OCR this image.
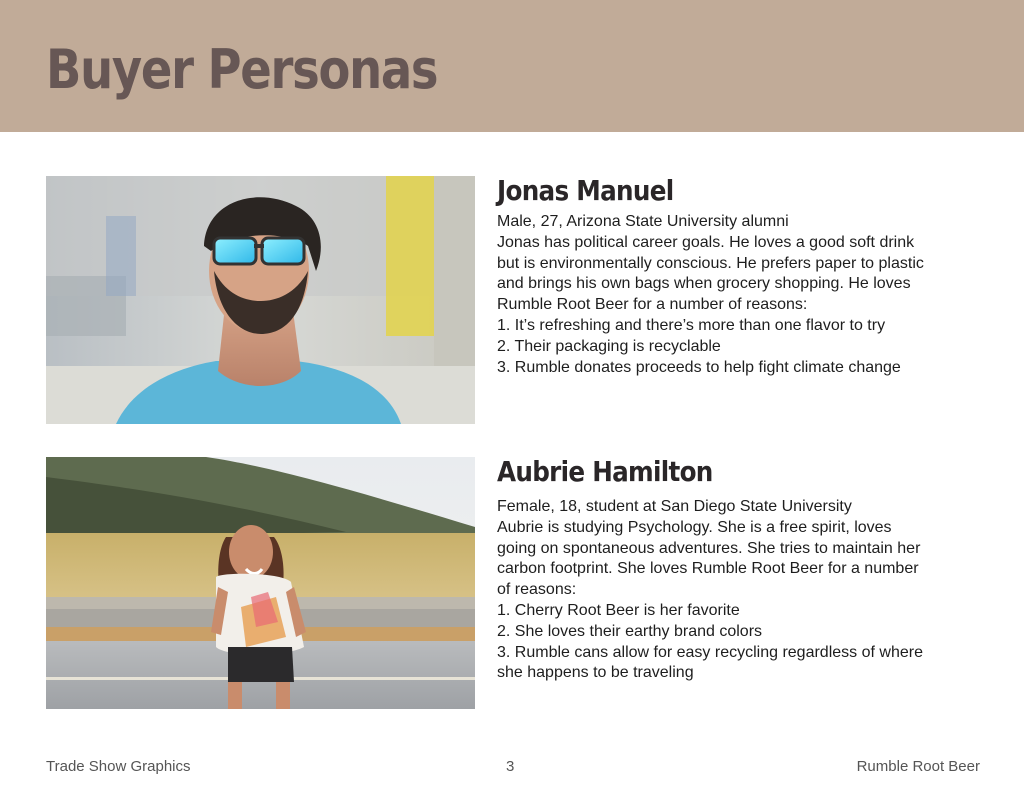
Buyer Personas
Jonas Manuel
Male, 27, Arizona State University alumni
Jonas has political career goals. He loves a good soft drink
but is environmentally conscious. He prefers paper to plastic
and brings his own bags when grocery shopping. He loves
Rumble Root Beer for a number of reasons:
1. It’s refreshing and there’s more than one flavor to try
2. Their packaging is recyclable
3. Rumble donates proceeds to help fight climate change
Aubrie Hamilton
Female, 18, student at San Diego State University
Aubrie is studying Psychology. She is a free spirit, loves
going on spontaneous adventures. She tries to maintain her
carbon footprint. She loves Rumble Root Beer for a number
of reasons:
1. Cherry Root Beer is her favorite
2. She loves their earthy brand colors
3. Rumble cans allow for easy recycling regardless of where
she happens to be traveling
Trade Show Graphics	3	Rumble Root Beer
